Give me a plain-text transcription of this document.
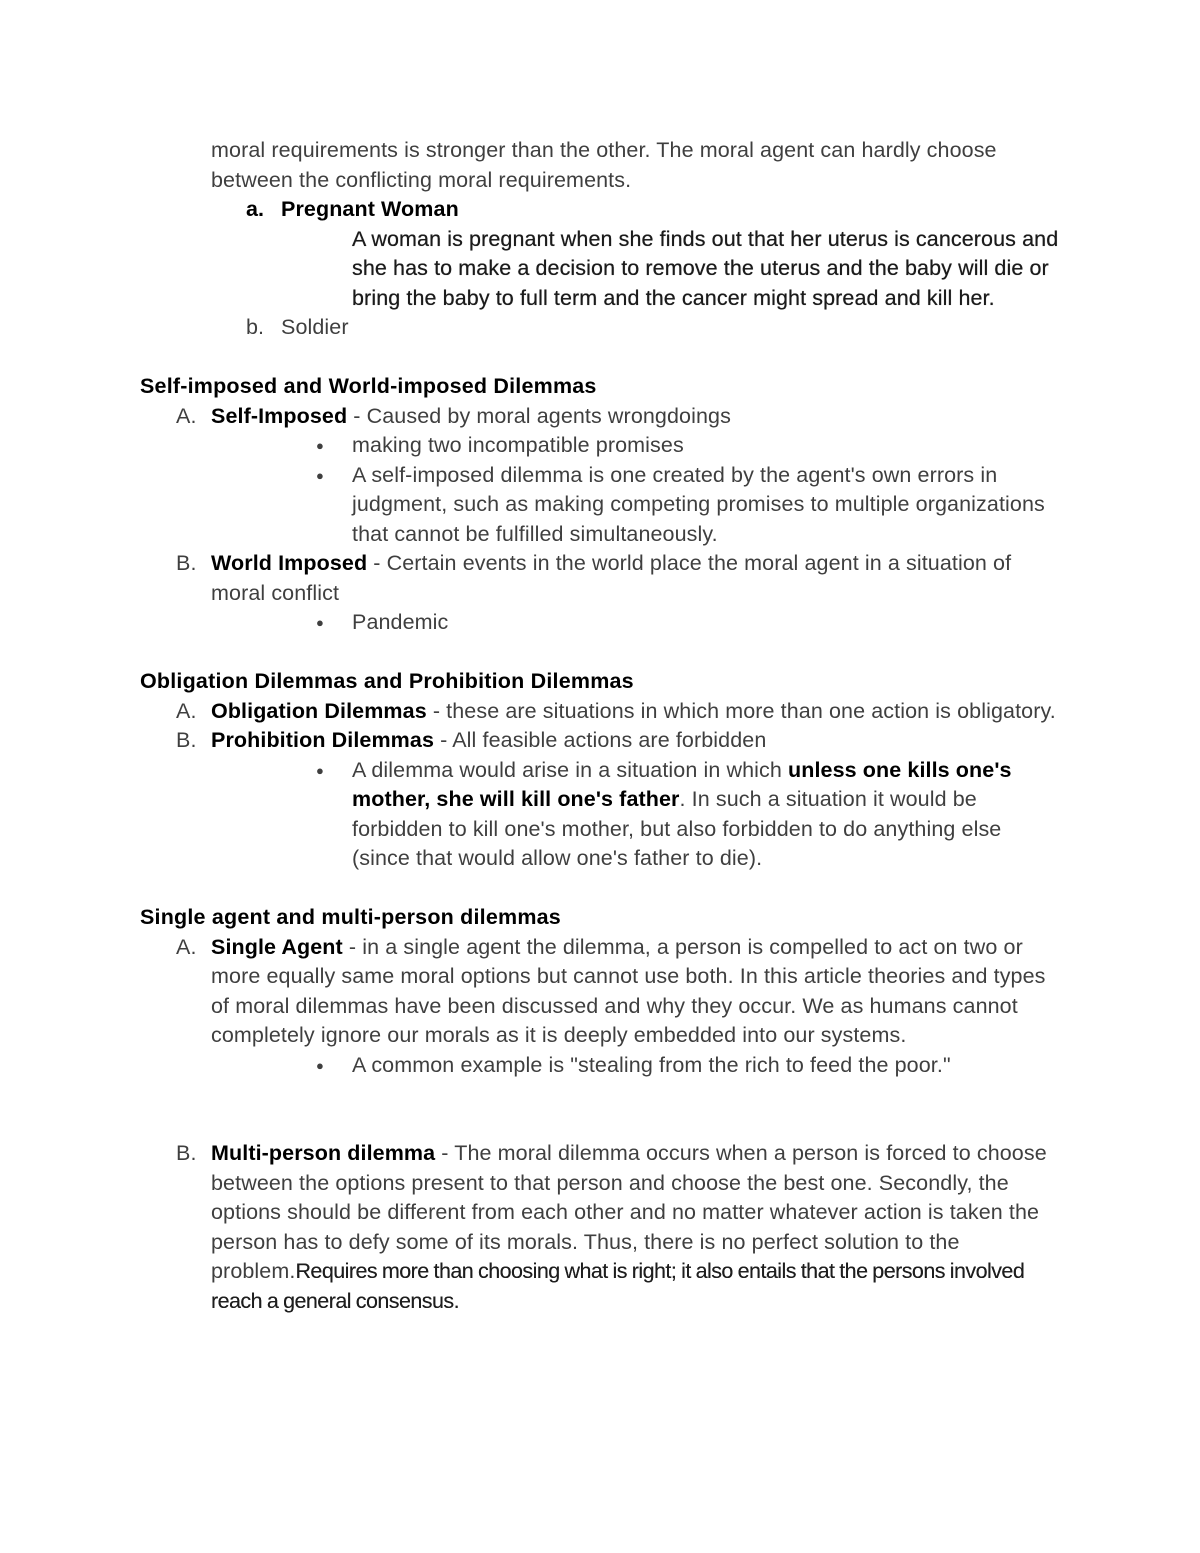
moral requirements is stronger than the other. The moral agent can hardly choose between the conflicting moral requirements.
a. Pregnant Woman
A woman is pregnant when she finds out that her uterus is cancerous and she has to make a decision to remove the uterus and the baby will die or bring the baby to full term and the cancer might spread and kill her.
b. Soldier
Self-imposed and World-imposed Dilemmas
A. Self-Imposed - Caused by moral agents wrongdoings
● making two incompatible promises
● A self-imposed dilemma is one created by the agent's own errors in judgment, such as making competing promises to multiple organizations that cannot be fulfilled simultaneously.
B. World Imposed - Certain events in the world place the moral agent in a situation of moral conflict
● Pandemic
Obligation Dilemmas and Prohibition Dilemmas
A. Obligation Dilemmas - these are situations in which more than one action is obligatory.
B. Prohibition Dilemmas - All feasible actions are forbidden
● A dilemma would arise in a situation in which unless one kills one's mother, she will kill one's father. In such a situation it would be forbidden to kill one's mother, but also forbidden to do anything else (since that would allow one's father to die).
Single agent and multi-person dilemmas
A. Single Agent - in a single agent the dilemma, a person is compelled to act on two or more equally same moral options but cannot use both. In this article theories and types of moral dilemmas have been discussed and why they occur. We as humans cannot completely ignore our morals as it is deeply embedded into our systems.
● A common example is "stealing from the rich to feed the poor."
B. Multi-person dilemma - The moral dilemma occurs when a person is forced to choose between the options present to that person and choose the best one. Secondly, the options should be different from each other and no matter whatever action is taken the person has to defy some of its morals. Thus, there is no perfect solution to the problem.Requires more than choosing what is right; it also entails that the persons involved reach a general consensus.
